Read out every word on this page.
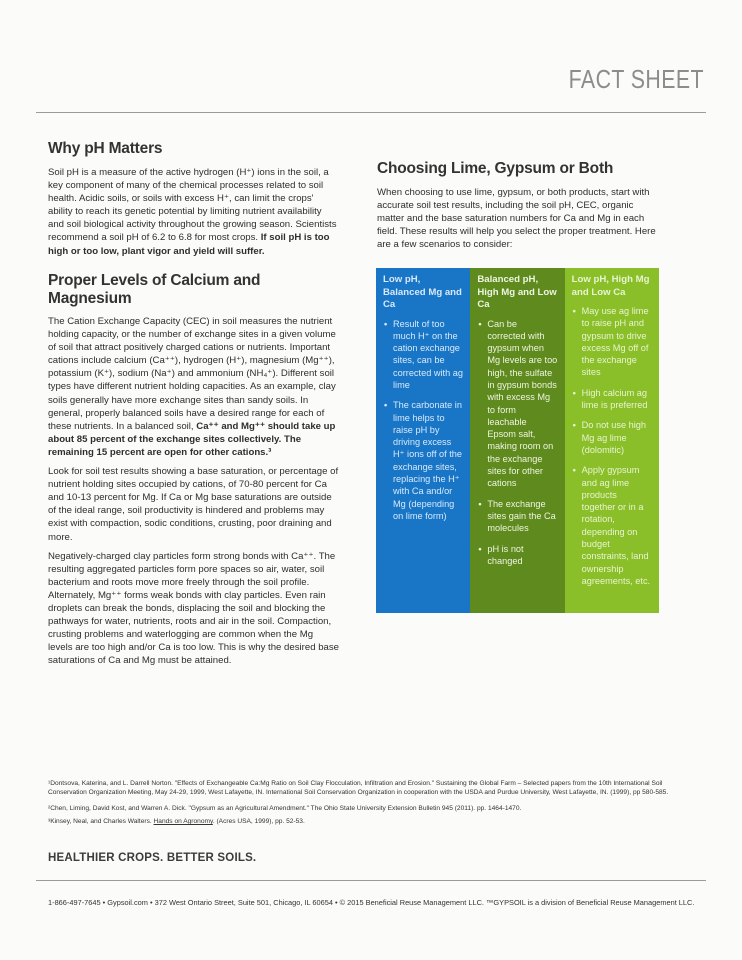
FACT SHEET
Why pH Matters

Soil pH is a measure of the active hydrogen (H⁺) ions in the soil, a key component of many of the chemical processes related to soil health. Acidic soils, or soils with excess H⁺, can limit the crops' ability to reach its genetic potential by limiting nutrient availability and soil biological activity throughout the growing season. Scientists recommend a soil pH of 6.2 to 6.8 for most crops. If soil pH is too high or too low, plant vigor and yield will suffer.

Proper Levels of Calcium and Magnesium

The Cation Exchange Capacity (CEC) in soil measures the nutrient holding capacity, or the number of exchange sites in a given volume of soil that attract positively charged cations or nutrients. Important cations include calcium (Ca⁺⁺), hydrogen (H⁺), magnesium (Mg⁺⁺), potassium (K⁺), sodium (Na⁺) and ammonium (NH₄⁺). Different soil types have different nutrient holding capacities. As an example, clay soils generally have more exchange sites than sandy soils. In general, properly balanced soils have a desired range for each of these nutrients. In a balanced soil, Ca⁺⁺ and Mg⁺⁺ should take up about 85 percent of the exchange sites collectively. The remaining 15 percent are open for other cations.³

Look for soil test results showing a base saturation, or percentage of nutrient holding sites occupied by cations, of 70-80 percent for Ca and 10-13 percent for Mg. If Ca or Mg base saturations are outside of the ideal range, soil productivity is hindered and problems may exist with compaction, sodic conditions, crusting, poor draining and more.

Negatively-charged clay particles form strong bonds with Ca⁺⁺. The resulting aggregated particles form pore spaces so air, water, soil bacterium and roots move more freely through the soil profile. Alternately, Mg⁺⁺ forms weak bonds with clay particles. Even rain droplets can break the bonds, displacing the soil and blocking the pathways for water, nutrients, roots and air in the soil. Compaction, crusting problems and waterlogging are common when the Mg levels are too high and/or Ca is too low. This is why the desired base saturations of Ca and Mg must be attained.

Choosing Lime, Gypsum or Both

When choosing to use lime, gypsum, or both products, start with accurate soil test results, including the soil pH, CEC, organic matter and the base saturation numbers for Ca and Mg in each field. These results will help you select the proper treatment. Here are a few scenarios to consider:

Low pH, Balanced Mg and Ca
• Result of too much H⁺ on the cation exchange sites, can be corrected with ag lime
• The carbonate in lime helps to raise pH by driving excess H⁺ ions off of the exchange sites, replacing the H⁺ with Ca and/or Mg (depending on lime form)
Balanced pH, High Mg and Low Ca
• Can be corrected with gypsum when Mg levels are too high, the sulfate in gypsum bonds with excess Mg to form leachable Epsom salt, making room on the exchange sites for other cations
• The exchange sites gain the Ca molecules
• pH is not changed
Low pH, High Mg and Low Ca
• May use ag lime to raise pH and gypsum to drive excess Mg off of the exchange sites
• High calcium ag lime is preferred
• Do not use high Mg ag lime (dolomitic)
• Apply gypsum and ag lime products together or in a rotation, depending on budget constraints, land ownership agreements, etc.
¹Dontsova, Katerina, and L. Darrell Norton. "Effects of Exchangeable Ca:Mg Ratio on Soil Clay Flocculation, Infiltration and Erosion." Sustaining the Global Farm – Selected papers from the 10th International Soil Conservation Organization Meeting, May 24-29, 1999, West Lafayette, IN. International Soil Conservation Organization in cooperation with the USDA and Purdue University, West Lafayette, IN. (1999), pp 580-585.
²Chen, Liming, David Kost, and Warren A. Dick. "Gypsum as an Agricultural Amendment." The Ohio State University Extension Bulletin 945 (2011). pp. 1464-1470.
³Kinsey, Neal, and Charles Walters. Hands on Agronomy. (Acres USA, 1999), pp. 52-53.
HEALTHIER CROPS. BETTER SOILS.
1-866-497-7645 • Gypsoil.com • 372 West Ontario Street, Suite 501, Chicago, IL 60654 • © 2015 Beneficial Reuse Management LLC. ™GYPSOIL is a division of Beneficial Reuse Management LLC.
